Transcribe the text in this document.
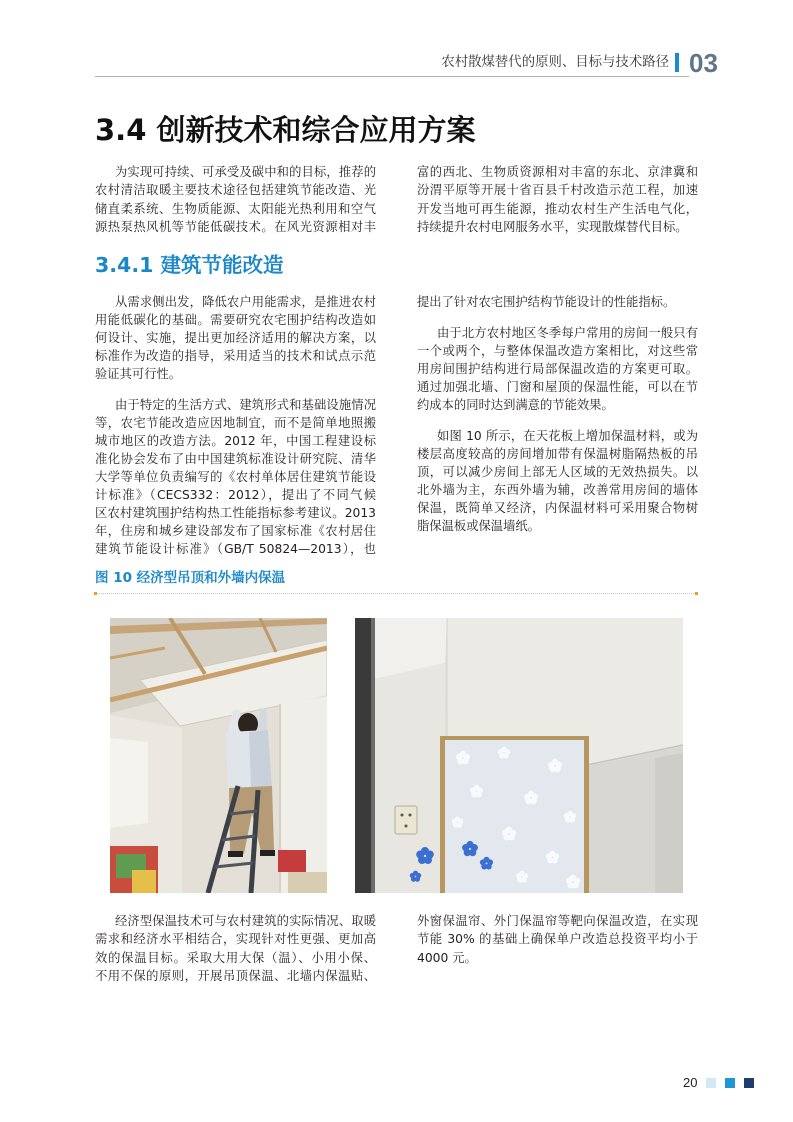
农村散煤替代的原则、目标与技术路径 03
3.4 创新技术和综合应用方案
为实现可持续、可承受及碳中和的目标，推荐的
农村清洁取暖主要技术途径包括建筑节能改造、光
储直柔系统、生物质能源、太阳能光热利用和空气
源热泵热风机等节能低碳技术。在风光资源相对丰
富的西北、生物质资源相对丰富的东北、京津冀和
汾渭平原等开展十省百县千村改造示范工程，加速
开发当地可再生能源，推动农村生产生活电气化，
持续提升农村电网服务水平，实现散煤替代目标。
3.4.1 建筑节能改造
从需求侧出发，降低农户用能需求，是推进农村
用能低碳化的基础。需要研究农宅围护结构改造如
何设计、实施，提出更加经济适用的解决方案，以
标准作为改造的指导，采用适当的技术和试点示范
验证其可行性。
由于特定的生活方式、建筑形式和基础设施情况
等，农宅节能改造应因地制宜，而不是简单地照搬
城市地区的改造方法。2012 年，中国工程建设标
准化协会发布了由中国建筑标准设计研究院、清华
大学等单位负责编写的《农村单体居住建筑节能设
计标准》（CECS332：2012），提出了不同气候
区农村建筑围护结构热工性能指标参考建议。2013
年，住房和城乡建设部发布了国家标准《农村居住
建筑节能设计标准》（GB/T 50824—2013），也
提出了针对农宅围护结构节能设计的性能指标。
由于北方农村地区冬季每户常用的房间一般只有
一个或两个，与整体保温改造方案相比，对这些常
用房间围护结构进行局部保温改造的方案更可取。
通过加强北墙、门窗和屋顶的保温性能，可以在节
约成本的同时达到满意的节能效果。
如图 10 所示，在天花板上增加保温材料，或为
楼层高度较高的房间增加带有保温树脂隔热板的吊
顶，可以减少房间上部无人区域的无效热损失。以
北外墙为主，东西外墙为辅，改善常用房间的墙体
保温，既简单又经济，内保温材料可采用聚合物树
脂保温板或保温墙纸。
图 10 经济型吊顶和外墙内保温
经济型保温技术可与农村建筑的实际情况、取暖
需求和经济水平相结合，实现针对性更强、更加高
效的保温目标。采取大用大保（温）、小用小保、
不用不保的原则，开展吊顶保温、北墙内保温贴、
外窗保温帘、外门保温帘等靶向保温改造，在实现
节能 30% 的基础上确保单户改造总投资平均小于
4000 元。
20
